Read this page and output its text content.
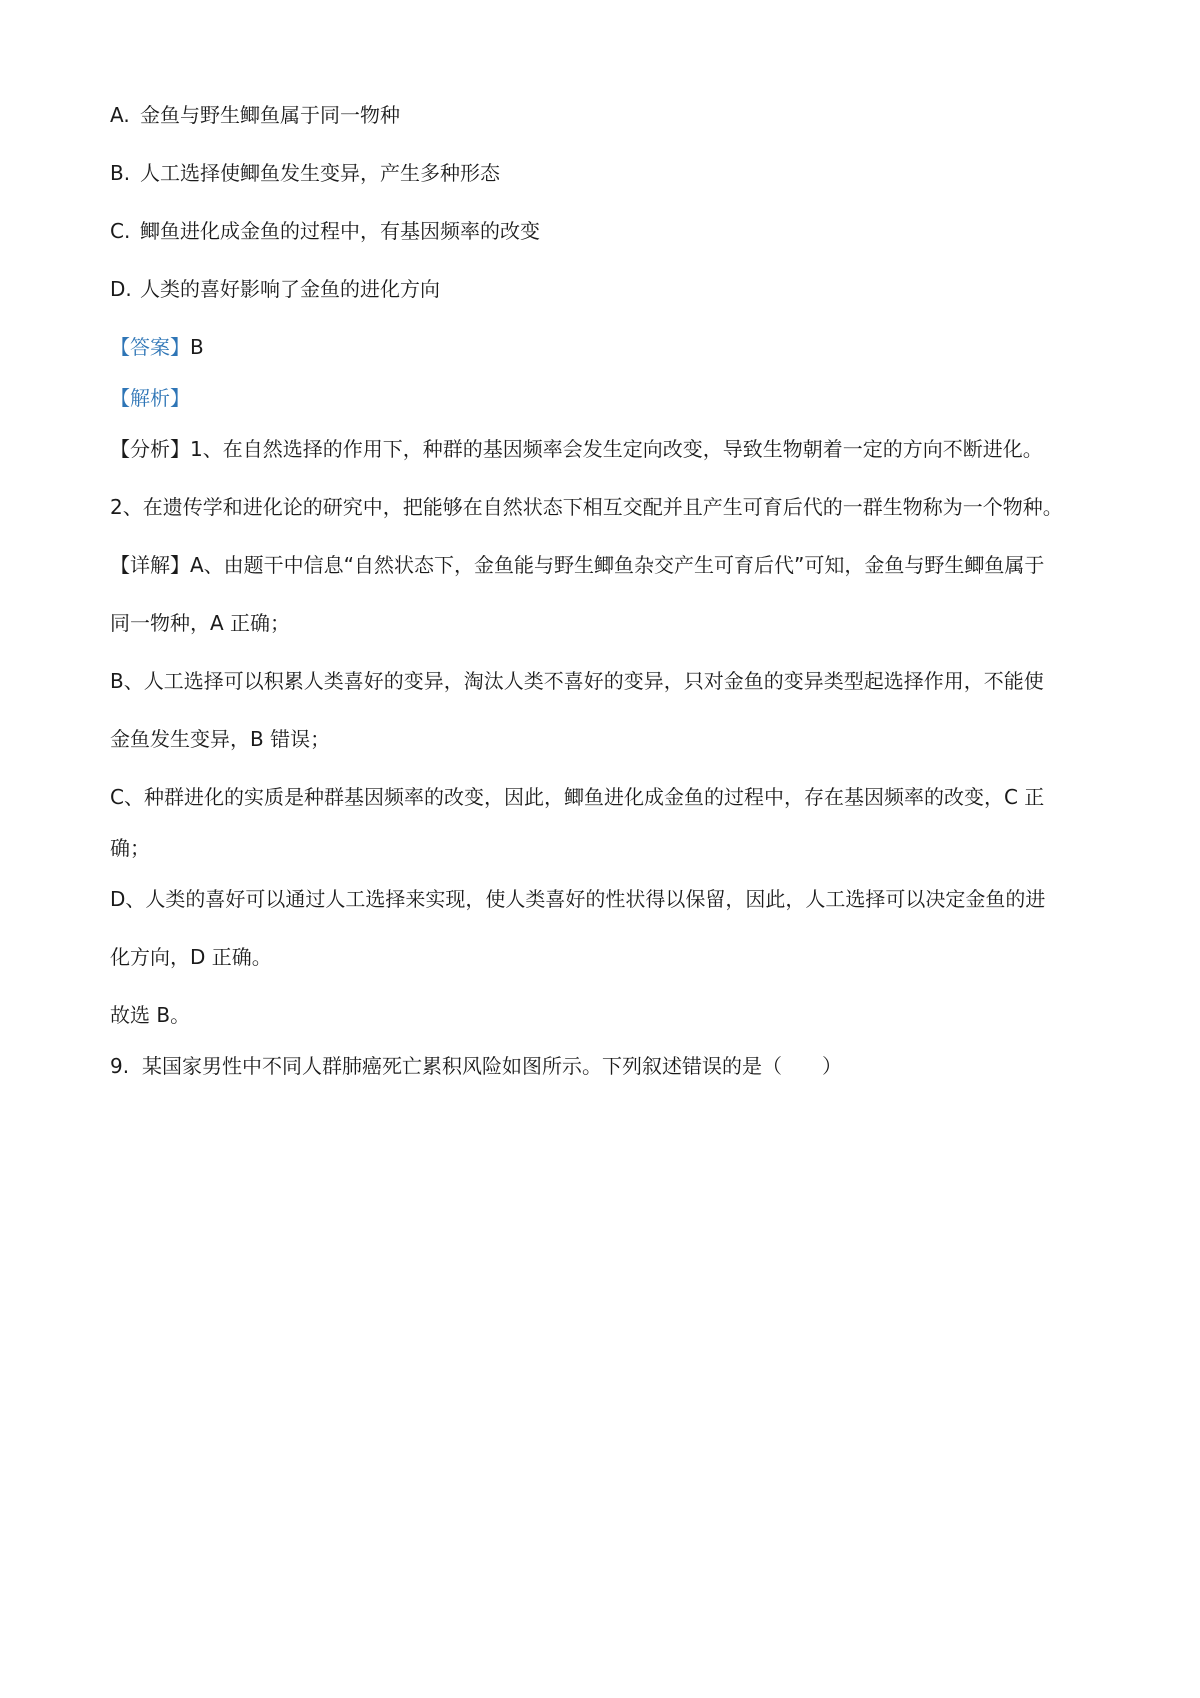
A. 金鱼与野生鲫鱼属于同一物种
B. 人工选择使鲫鱼发生变异，产生多种形态
C. 鲫鱼进化成金鱼的过程中，有基因频率的改变
D. 人类的喜好影响了金鱼的进化方向
【答案】B
【解析】
【分析】1、在自然选择的作用下，种群的基因频率会发生定向改变，导致生物朝着一定的方向不断进化。
2、在遗传学和进化论的研究中，把能够在自然状态下相互交配并且产生可育后代的一群生物称为一个物种。
【详解】A、由题干中信息“自然状态下，金鱼能与野生鲫鱼杂交产生可育后代”可知，金鱼与野生鲫鱼属于
同一物种，A 正确；
B、人工选择可以积累人类喜好的变异，淘汰人类不喜好的变异，只对金鱼的变异类型起选择作用，不能使
金鱼发生变异，B 错误；
C、种群进化的实质是种群基因频率的改变，因此，鲫鱼进化成金鱼的过程中，存在基因频率的改变，C 正
确；
D、人类的喜好可以通过人工选择来实现，使人类喜好的性状得以保留，因此，人工选择可以决定金鱼的进
化方向，D 正确。
故选 B。
9. 某国家男性中不同人群肺癌死亡累积风险如图所示。下列叙述错误的是（　　）
